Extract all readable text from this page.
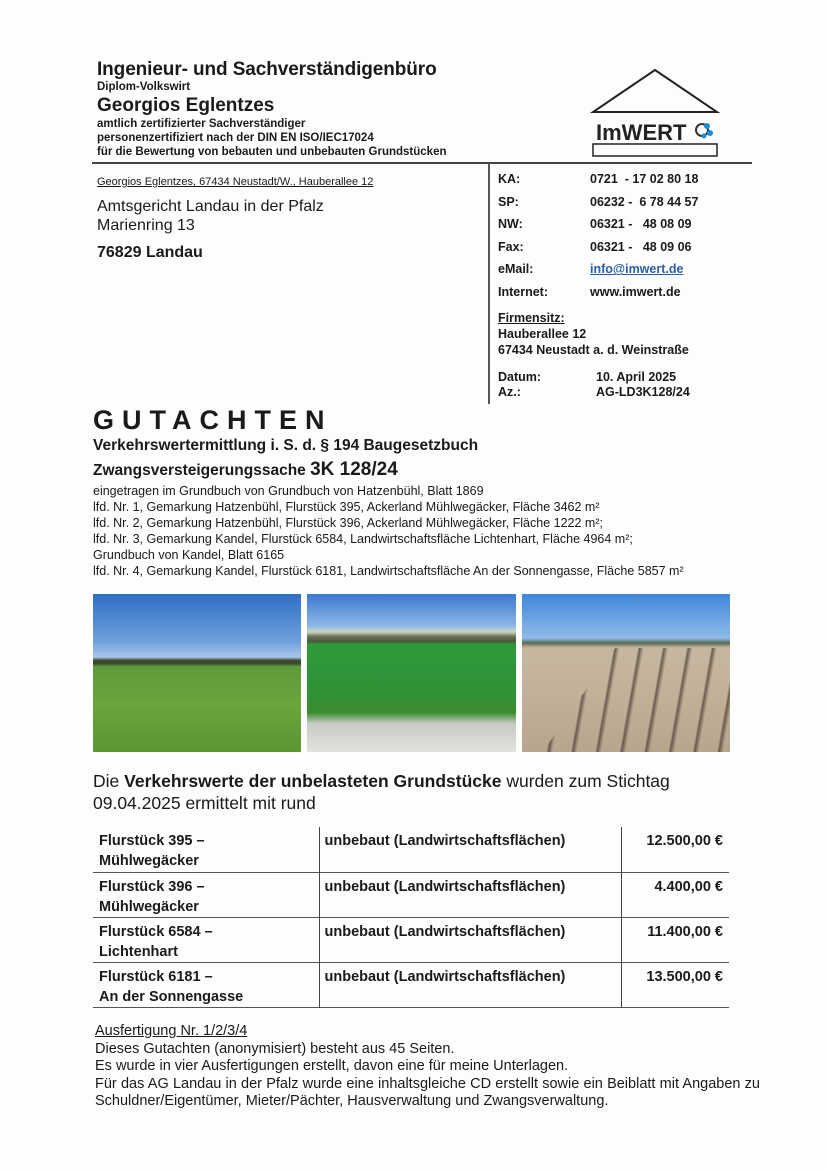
Ingenieur- und Sachverständigenbüro
Diplom-Volkswirt
Georgios Eglentzes
amtlich zertifizierter Sachverständiger
personenzertifiziert nach der DIN EN ISO/IEC17024
für die Bewertung von bebauten und unbebauten Grundstücken
ImWERT
Georgios Eglentzes, 67434 Neustadt/W., Hauberallee 12
Amtsgericht Landau in der Pfalz
Marienring 13
76829 Landau
KA:	0721  - 17 02 80 18
SP:	06232 -  6 78 44 57
NW:	06321 -   48 08 09
Fax:	06321 -   48 09 06
eMail:	info@imwert.de
Internet:	www.imwert.de
Firmensitz:
Hauberallee 12
67434 Neustadt a. d. Weinstraße
Datum:	10. April 2025
Az.:	AG-LD3K128/24
GUTACHTEN
Verkehrswertermittlung i. S. d. § 194 Baugesetzbuch
Zwangsversteigerungssache 3K 128/24
eingetragen im Grundbuch von Grundbuch von Hatzenbühl, Blatt 1869
lfd. Nr. 1, Gemarkung Hatzenbühl, Flurstück 395, Ackerland Mühlwegäcker, Fläche 3462 m²
lfd. Nr. 2, Gemarkung Hatzenbühl, Flurstück 396, Ackerland Mühlwegäcker, Fläche 1222 m²;
lfd. Nr. 3, Gemarkung Kandel, Flurstück 6584, Landwirtschaftsfläche Lichtenhart, Fläche 4964 m²;
Grundbuch von Kandel, Blatt 6165
lfd. Nr. 4, Gemarkung Kandel, Flurstück 6181, Landwirtschaftsfläche An der Sonnengasse, Fläche 5857 m²
Die Verkehrswerte der unbelasteten Grundstücke wurden zum Stichtag 09.04.2025 ermittelt mit rund
Flurstück 395 –
Mühlwegäcker	unbebaut (Landwirtschaftsflächen)	12.500,00 €

Flurstück 396 –
Mühlwegäcker	unbebaut (Landwirtschaftsflächen)	4.400,00 €

Flurstück 6584 –
Lichtenhart	unbebaut (Landwirtschaftsflächen)	11.400,00 €

Flurstück 6181 –
An der Sonnengasse	unbebaut (Landwirtschaftsflächen)	13.500,00 €
Ausfertigung Nr. 1/2/3/4
Dieses Gutachten (anonymisiert) besteht aus 45 Seiten.
Es wurde in vier Ausfertigungen erstellt, davon eine für meine Unterlagen.

Für das AG Landau in der Pfalz wurde eine inhaltsgleiche CD erstellt sowie ein Beiblatt mit Angaben zu Schuldner/Eigentümer, Mieter/Pächter, Hausverwaltung und Zwangsverwaltung.
